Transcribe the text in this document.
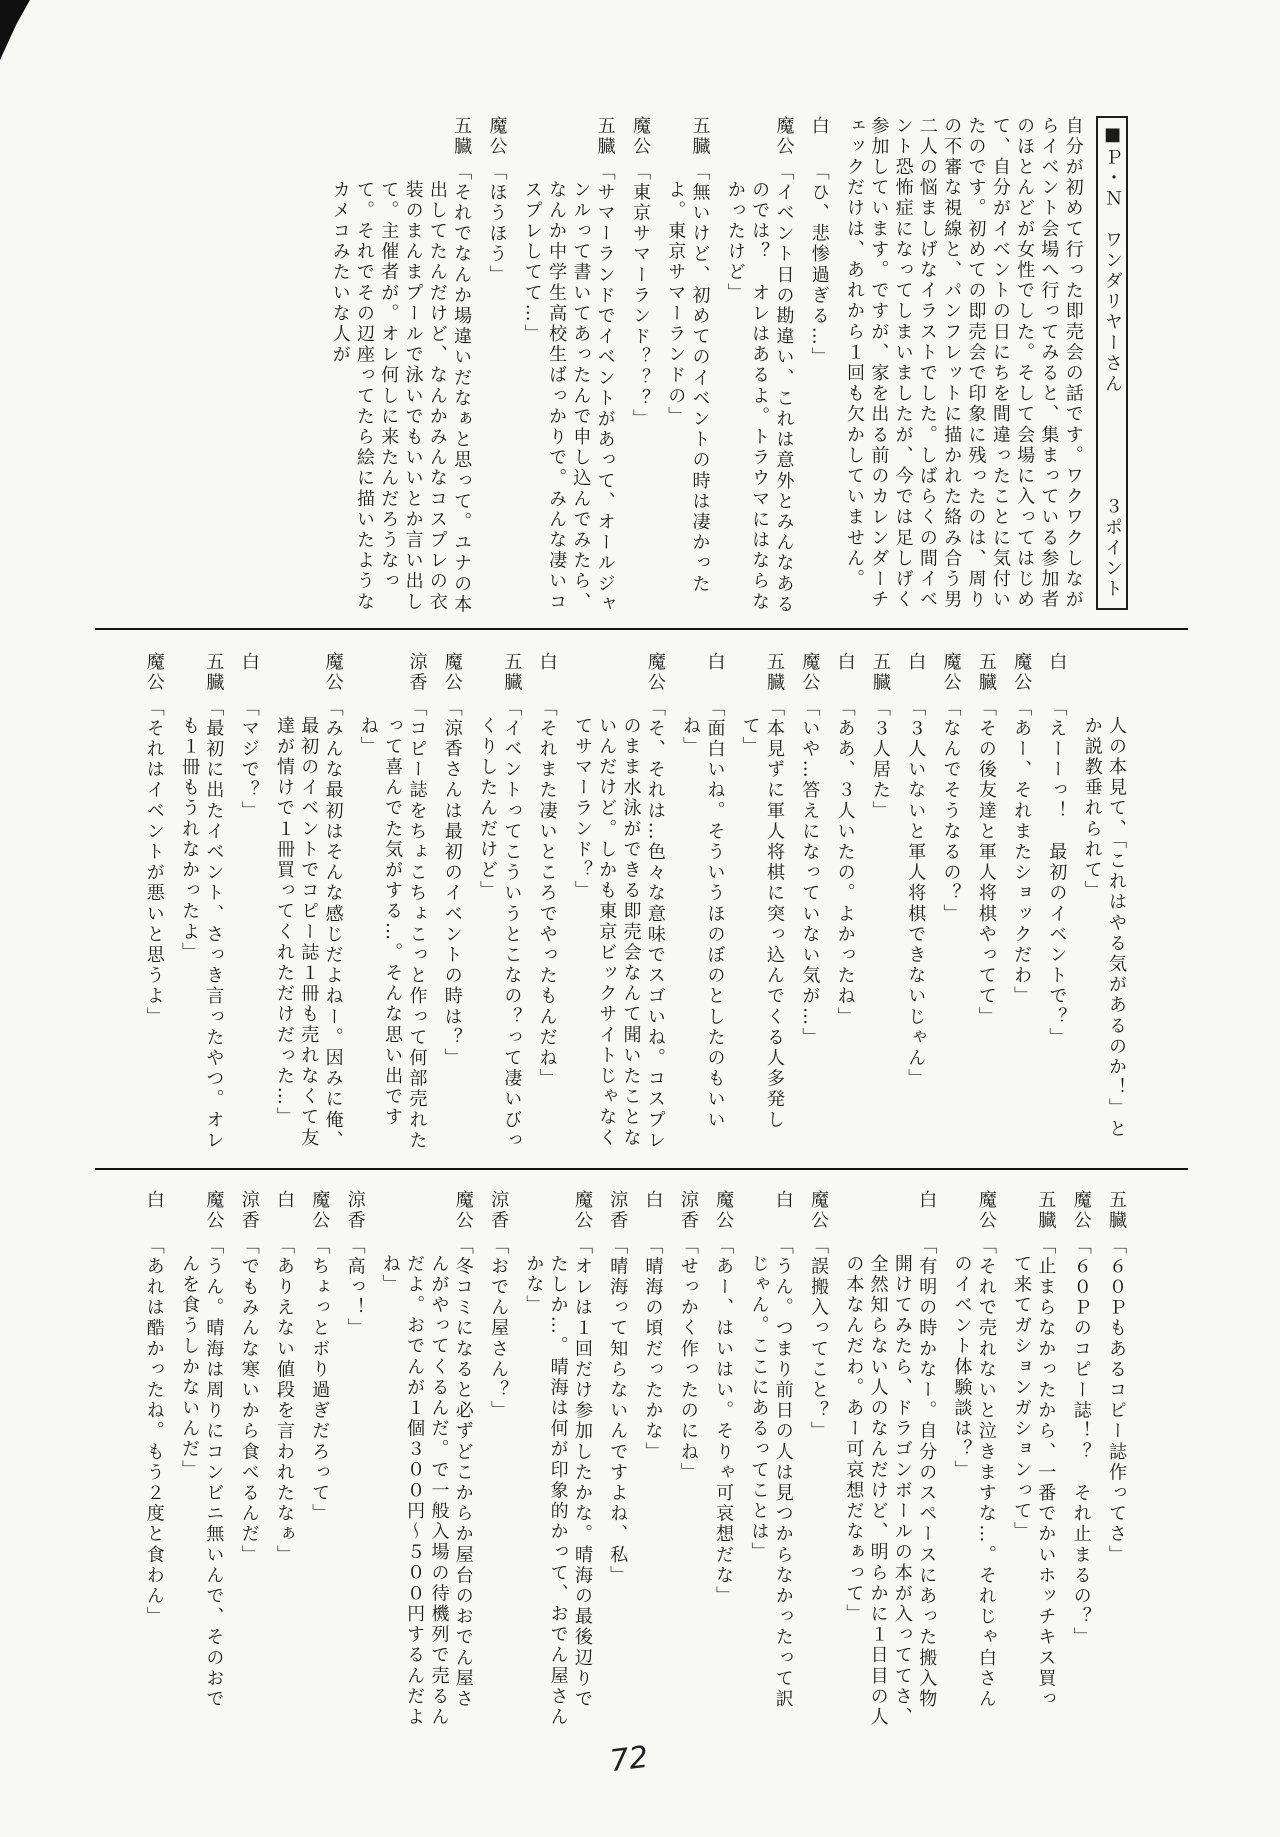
■Ｐ・Ｎ　ワンダリヤーさん
３ポイント
自分が初めて行った即売会の話です。ワクワクしながらイベント会場へ行ってみると、集まっている参加者のほとんどが女性でした。そして会場に入ってはじめて、自分がイベントの日にちを間違ったことに気付いたのです。初めての即売会で印象に残ったのは、周りの不審な視線と、パンフレットに描かれた絡み合う男二人の悩ましげなイラストでした。しばらくの間イベント恐怖症になってしまいましたが、今では足しげく参加しています。ですが、家を出る前のカレンダーチェックだけは、あれから１回も欠かしていません。
白「ひ、悲惨過ぎる…」
魔公「イベント日の勘違い、これは意外とみんなあるのでは？　オレはあるよ。トラウマにはならなかったけど」
五臓「無いけど、初めてのイベントの時は凄かったよ。東京サマーランドの」
魔公「東京サマーランド？？？」
五臓「サマーランドでイベントがあって、オールジャンルって書いてあったんで申し込んでみたら、なんか中学生高校生ばっかりで。みんな凄いコスプレしてて…」
魔公「ほうほう」
五臓「それでなんか場違いだなぁと思って。ユナの本出してたんだけど、なんかみんなコスプレの衣装のまんまプールで泳いでもいいとか言い出して。主催者が。オレ何しに来たんだろうなって。それでその辺座ってたら絵に描いたようなカメコみたいな人が
人の本見て、「これはやる気があるのか！」とか説教垂れられて」
白「えーーっ！　最初のイベントで？」
魔公「あー、それまたショックだわ」
五臓「その後友達と軍人将棋やってて」
魔公「なんでそうなるの？」
白「３人いないと軍人将棋できないじゃん」
五臓「３人居た」
白「ああ、３人いたの。よかったね」
魔公「いや…答えになっていない気が…」
五臓「本見ずに軍人将棋に突っ込んでくる人多発して」
白「面白いね。そういうほのぼのとしたのもいいね」
魔公「そ、それは…色々な意味でスゴいね。コスプレのまま水泳ができる即売会なんて聞いたことないんだけど。しかも東京ビックサイトじゃなくてサマーランド？」
白「それまた凄いところでやったもんだね」
五臓「イベントってこういうとこなの？って凄いびっくりしたんだけど」
魔公「涼香さんは最初のイベントの時は？」
涼香「コピー誌をちょこちょこっと作って何部売れたって喜んでた気がする…。そんな思い出ですね」
魔公「みんな最初はそんな感じだよねー。因みに俺、最初のイベントでコピー誌１冊も売れなくて友達が情けで１冊買ってくれただけだった…」
白「マジで？」
五臓「最初に出たイベント、さっき言ったやつ。オレも１冊もうれなかったよ」
魔公「それはイベントが悪いと思うよ」
五臓「６０Ｐもあるコピー誌作ってさ」
魔公「６０Ｐのコピー誌！？　それ止まるの？」
五臓「止まらなかったから、一番でかいホッチキス買って来てガションガションって」
魔公「それで売れないと泣きますな…。それじゃ白さんのイベント体験談は？」
白「有明の時かなー。自分のスペースにあった搬入物開けてみたら、ドラゴンボールの本が入っててさ、全然知らない人のなんだけど、明らかに１日目の人の本なんだわ。あー可哀想だなぁって」
魔公「誤搬入ってこと？」
白「うん。つまり前日の人は見つからなかったって訳じゃん。ここにあるってことは」
魔公「あー、はいはい。そりゃ可哀想だな」
涼香「せっかく作ったのにね」
白「晴海の頃だったかな」
涼香「晴海って知らないんですよね、私」
魔公「オレは１回だけ参加したかな。晴海の最後辺りでたしか…。晴海は何が印象的かって、おでん屋さんかな」
涼香「おでん屋さん？」
魔公「冬コミになると必ずどこからか屋台のおでん屋さんがやってくるんだ。で一般入場の待機列で売るんだよ。おでんが１個３００円～５００円するんだよね」
涼香「高っ！」
魔公「ちょっとボり過ぎだろって」
白「ありえない値段を言われたなぁ」
涼香「でもみんな寒いから食べるんだ」
魔公「うん。晴海は周りにコンビニ無いんで、そのおでんを食うしかないんだ」
白「あれは酷かったね。もう２度と食わん」
72
